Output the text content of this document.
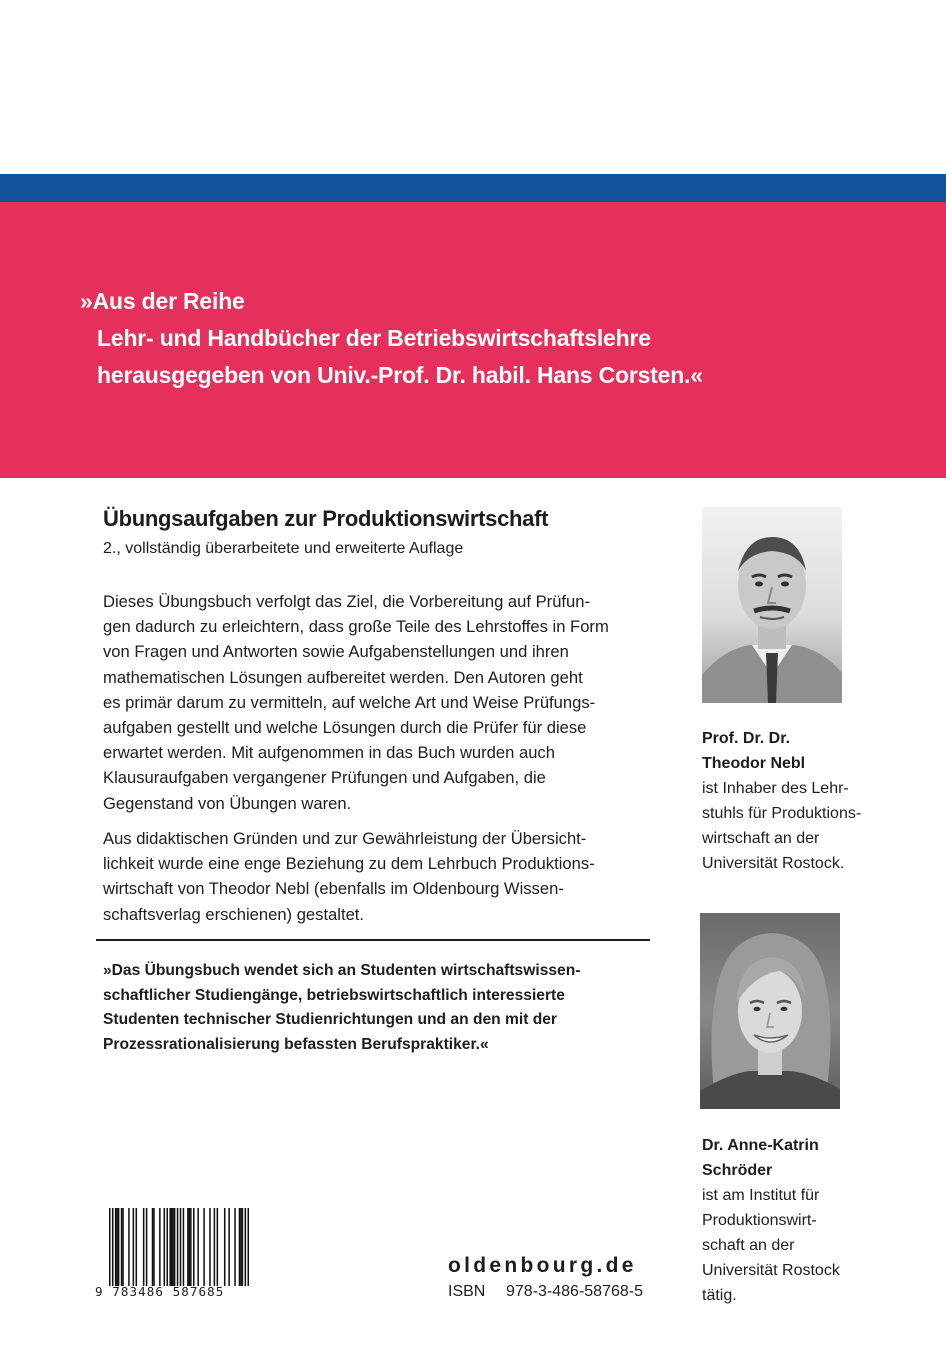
»Aus der Reihe
Lehr- und Handbücher der Betriebswirtschaftslehre
herausgegeben von Univ.-Prof. Dr. habil. Hans Corsten.«
Übungsaufgaben zur Produktionswirtschaft
2., vollständig überarbeitete und erweiterte Auflage
Dieses Übungsbuch verfolgt das Ziel, die Vorbereitung auf Prüfun-
gen dadurch zu erleichtern, dass große Teile des Lehrstoffes in Form
von Fragen und Antworten sowie Aufgabenstellungen und ihren
mathematischen Lösungen aufbereitet werden. Den Autoren geht
es primär darum zu vermitteln, auf welche Art und Weise Prüfungs-
aufgaben gestellt und welche Lösungen durch die Prüfer für diese
erwartet werden. Mit aufgenommen in das Buch wurden auch
Klausuraufgaben vergangener Prüfungen und Aufgaben, die
Gegenstand von Übungen waren.
Aus didaktischen Gründen und zur Gewährleistung der Übersicht-
lichkeit wurde eine enge Beziehung zu dem Lehrbuch Produktions-
wirtschaft von Theodor Nebl (ebenfalls im Oldenbourg Wissen-
schaftsverlag erschienen) gestaltet.
»Das Übungsbuch wendet sich an Studenten wirtschaftswissen-
schaftlicher Studiengänge, betriebswirtschaftlich interessierte
Studenten technischer Studienrichtungen und an den mit der
Prozessrationalisierung befassten Berufspraktiker.«
Prof. Dr. Dr.
Theodor Nebl
ist Inhaber des Lehr-
stuhls für Produktions-
wirtschaft an der
Universität Rostock.
Dr. Anne-Katrin
Schröder
ist am Institut für
Produktionswirt-
schaft an der
Universität Rostock
tätig.
9 783486 587685
oldenbourg.de
ISBN 978-3-486-58768-5
